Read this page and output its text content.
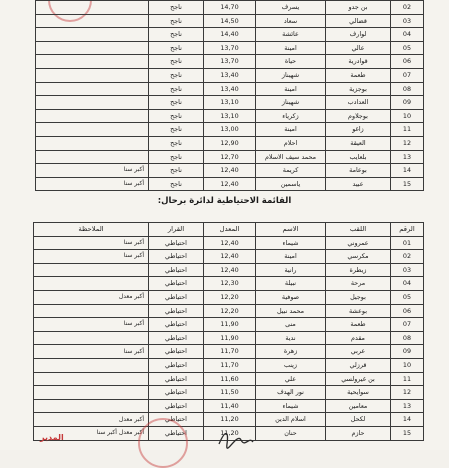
02	بن جدو	يسرف	14,70	ناجح	
03	قضالي	سعاد	14,50	ناجح	
04	لوارف	عائشة	14,40	ناجح	
05	عالي	امينة	13,70	ناجح	
06	قوادرية	حياة	13,70	ناجح	
07	طعمة	شهيناز	13,40	ناجح	
08	بوجزية	امينة	13,40	ناجح	
09	العدادب	شهيناز	13,10	ناجح	
10	بوجلاوم	زكرياء	13,10	ناجح	
11	زاغو	امينة	13,00	ناجح	
12	العيقة	احلام	12,90	ناجح	
13	بلعايب	محمد سيف الاسلام	12,70	ناجح	
14	بوعامة	كريمة	12,40	ناجح	أكبر سنا
15	عبيد	ياسمين	12,40	ناجح	أكبر سنا
القائمة الاحتياطية لدائرة برحال:
الرقم	اللقب	الاسم	المعدل	القرار	الملاحظة
01	عمروني	شيماء	12,40	احتياطي	أكبر سنا
02	مكرسي	امينة	12,40	احتياطي	أكبر سنا
03	زيطرة	رانية	12,40	احتياطي	
04	مرحة	نبيلة	12,30	احتياطي	
05	بوجيل	صوفية	12,20	احتياطي	أكبر معدل
06	بوعشة	محمد نبيل	12,20	احتياطي	
07	طعمة	منى	11,90	احتياطي	أكبر سنا
08	مقدم	ندية	11,90	احتياطي	
09	عربي	زهرة	11,70	احتياطي	أكبر سنا
10	قرزلي	زينب	11,70	احتياطي	
11	بن غيرولسي	علي	11,60	احتياطي	
12	سوايحية	نور الهدف	11,50	احتياطي	
13	معامين	شيماء	11,40	احتياطي	
14	لكحل	اسلام الدين	11,20	احتياطي	أكبر معدل
15	حازم	حنان	11,20	احتياطي	أكبر معدل أكبر سنا
المدير
